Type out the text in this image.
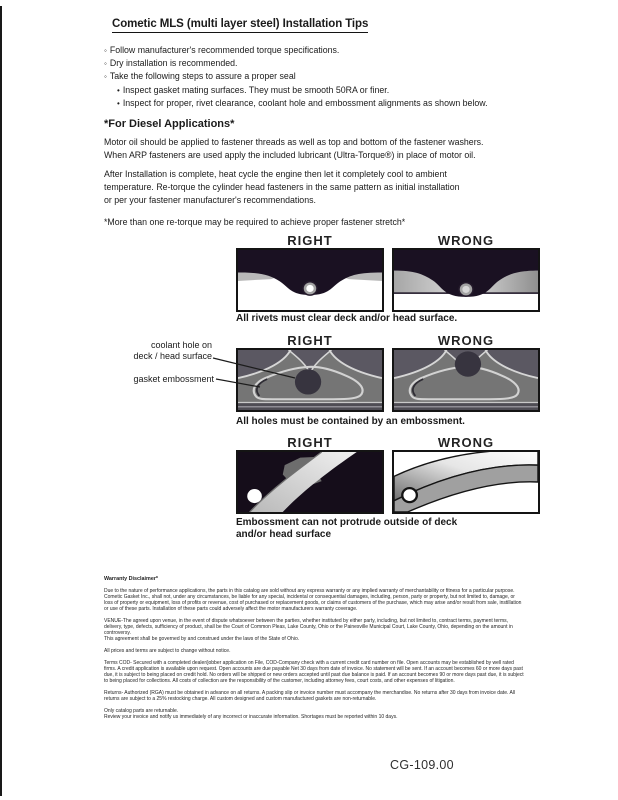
Cometic MLS (multi layer steel) Installation Tips
◦ Follow manufacturer's recommended torque specifications.
◦ Dry installation is recommended.
◦ Take the following steps to assure a proper seal
• Inspect gasket mating surfaces. They must be smooth 50RA or finer.
• Inspect for proper, rivet clearance, coolant hole and embossment alignments as shown below.
*For Diesel Applications*
Motor oil should be applied to fastener threads as well as top and bottom of the fastener washers.
When ARP fasteners are used apply the included lubricant (Ultra-Torque®) in place of motor oil.
After Installation is complete, heat cycle the engine then let it completely cool to ambient
temperature. Re-torque the cylinder head fasteners in the same pattern as initial installation
or per your fastener manufacturer's recommendations.
*More than one re-torque may be required to achieve proper fastener stretch*
RIGHT	WRONG
All rivets must clear deck and/or head surface.
RIGHT	WRONG
coolant hole on
deck / head surface
gasket embossment
All holes must be contained by an embossment.
RIGHT	WRONG
Embossment can not protrude outside of deck
and/or head surface
Warranty Disclaimer*

Due to the nature of performance applications, the parts in this catalog are sold without any express warranty or any implied warranty of merchantability or fitness for a particular purpose. Cometic Gasket Inc., shall not, under any circumstances, be liable for any special, incidental or consequential damages, including, person, party or property, but not limited to, damage, or loss of property or equipment, loss of profits or revenue, cost of purchased or replacement goods, or claims of customers of the purchase, which may arise and/or result from sale, instillation or use of these parts. Installation of these parts could adversely affect the motor manufacturers warranty coverage.

VENUE-The agreed upon venue, in the event of dispute whatsoever between the parties, whether instituted by either party, including, but not limited to, contract terms, payment terms, delivery, type, defects, sufficiency of product, shall be the Court of Common Pleas, Lake County, Ohio or the Painesville Municipal Court, Lake County, Ohio, depending on the amount in controversy.

This agreement shall be governed by and construed under the laws of the State of Ohio.

All prices and terms are subject to change without notice.

Terms COD- Secured with a completed dealer/jobber application on File, COD-Company check with a current credit card number on file. Open accounts may be established by well rated firms. A credit application is available upon request. Open accounts are due payable Net 30 days from date of invoice. No statement will be sent. If an account becomes 60 or more days past due, it is subject to being placed on credit hold. No orders will be shipped or new orders accepted until past due balance is paid. If an account becomes 90 or more days past due, it is subject to being placed for collections. All costs of collection are the responsibility of the customer, including attorney fees, court costs, and other expenses of litigation.

Returns- Authorized (RGA) must be obtained in advance on all returns. A packing slip or invoice number must accompany the merchandise. No returns after 30 days from invoice date. All returns are subject to a 25% restocking charge. All custom designed and custom manufactured gaskets are non-returnable.

Only catalog parts are returnable.

Review your invoice and notify us immediately of any incorrect or inaccurate information. Shortages must be reported within 10 days.

CG-109.00
